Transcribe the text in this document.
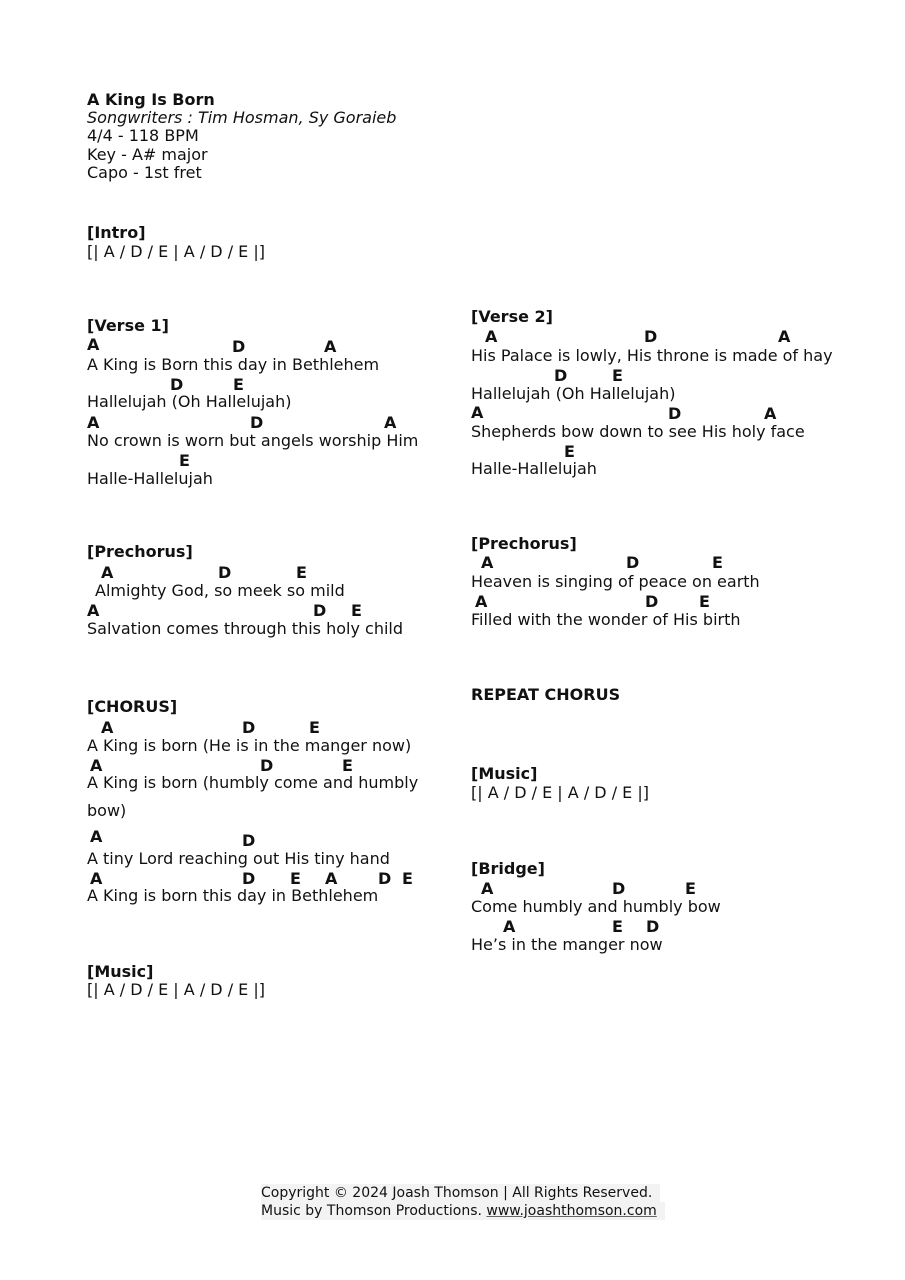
A King Is Born
Songwriters : Tim Hosman, Sy Goraieb
4/4 - 118 BPM
Key - A# major
Capo - 1st fret
[Intro]
[| A / D / E | A / D / E |]
[Verse 1]
A	D	A
A King is Born this day in Bethlehem
D	E
Hallelujah (Oh Hallelujah)
A	D	A
No crown is worn but angels worship Him
E
Halle-Hallelujah
[Prechorus]
A	D	E
Almighty God, so meek so mild
A	D E
Salvation comes through this holy child
[CHORUS]
A	D	E
A King is born (He is in the manger now)
A	D	E
A King is born (humbly come and humbly
bow)
A	D
A tiny Lord reaching out His tiny hand
A	D E A	D E
A King is born this day in Bethlehem
[Music]
[| A / D / E | A / D / E |]
[Verse 2]
A	D	A
His Palace is lowly, His throne is made of hay
D	E
Hallelujah (Oh Hallelujah)
A	D	A
Shepherds bow down to see His holy face
E
Halle-Hallelujah
[Prechorus]
A	D	E
Heaven is singing of peace on earth
A	D	E
Filled with the wonder of His birth
REPEAT CHORUS
[Music]
[| A / D / E | A / D / E |]
[Bridge]
A	D	E
Come humbly and humbly bow
A	E D
He’s in the manger now
Copyright © 2024 Joash Thomson | All Rights Reserved.
Music by Thomson Productions. www.joashthomson.com
